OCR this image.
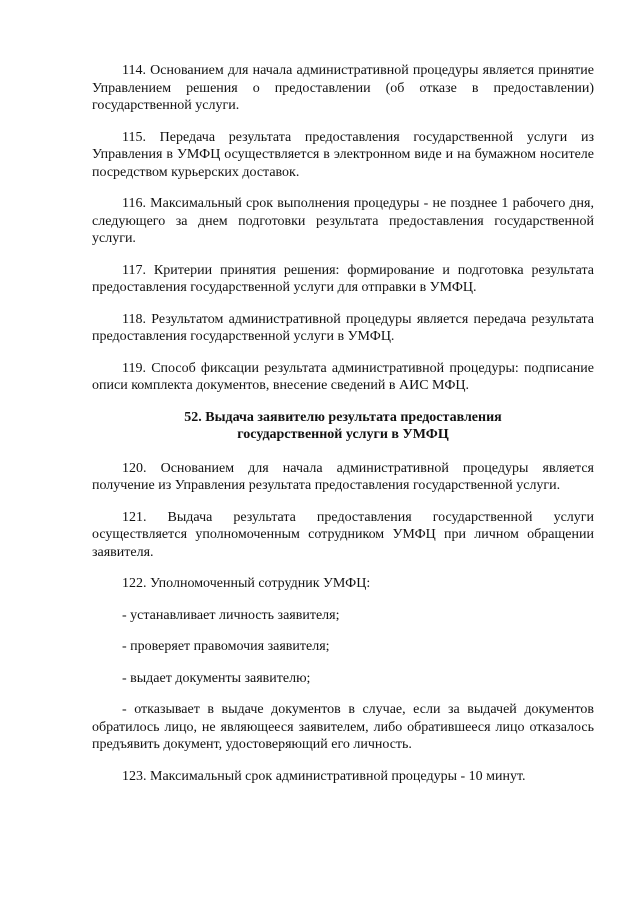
114. Основанием для начала административной процедуры является принятие Управлением решения о предоставлении (об отказе в предоставлении) государственной услуги.

115. Передача результата предоставления государственной услуги из Управления в УМФЦ осуществляется в электронном виде и на бумажном носителе посредством курьерских доставок.

116. Максимальный срок выполнения процедуры - не позднее 1 рабочего дня, следующего за днем подготовки результата предоставления государственной услуги.

117. Критерии принятия решения: формирование и подготовка результата предоставления государственной услуги для отправки в УМФЦ.

118. Результатом административной процедуры является передача результата предоставления государственной услуги в УМФЦ.

119. Способ фиксации результата административной процедуры: подписание описи комплекта документов, внесение сведений в АИС МФЦ.

52. Выдача заявителю результата предоставления
государственной услуги в УМФЦ

120. Основанием для начала административной процедуры является получение из Управления результата предоставления государственной услуги.

121. Выдача результата предоставления государственной услуги осуществляется уполномоченным сотрудником УМФЦ при личном обращении заявителя.

122. Уполномоченный сотрудник УМФЦ:

- устанавливает личность заявителя;

- проверяет правомочия заявителя;

- выдает документы заявителю;

- отказывает в выдаче документов в случае, если за выдачей документов обратилось лицо, не являющееся заявителем, либо обратившееся лицо отказалось предъявить документ, удостоверяющий его личность.

123. Максимальный срок административной процедуры - 10 минут.
